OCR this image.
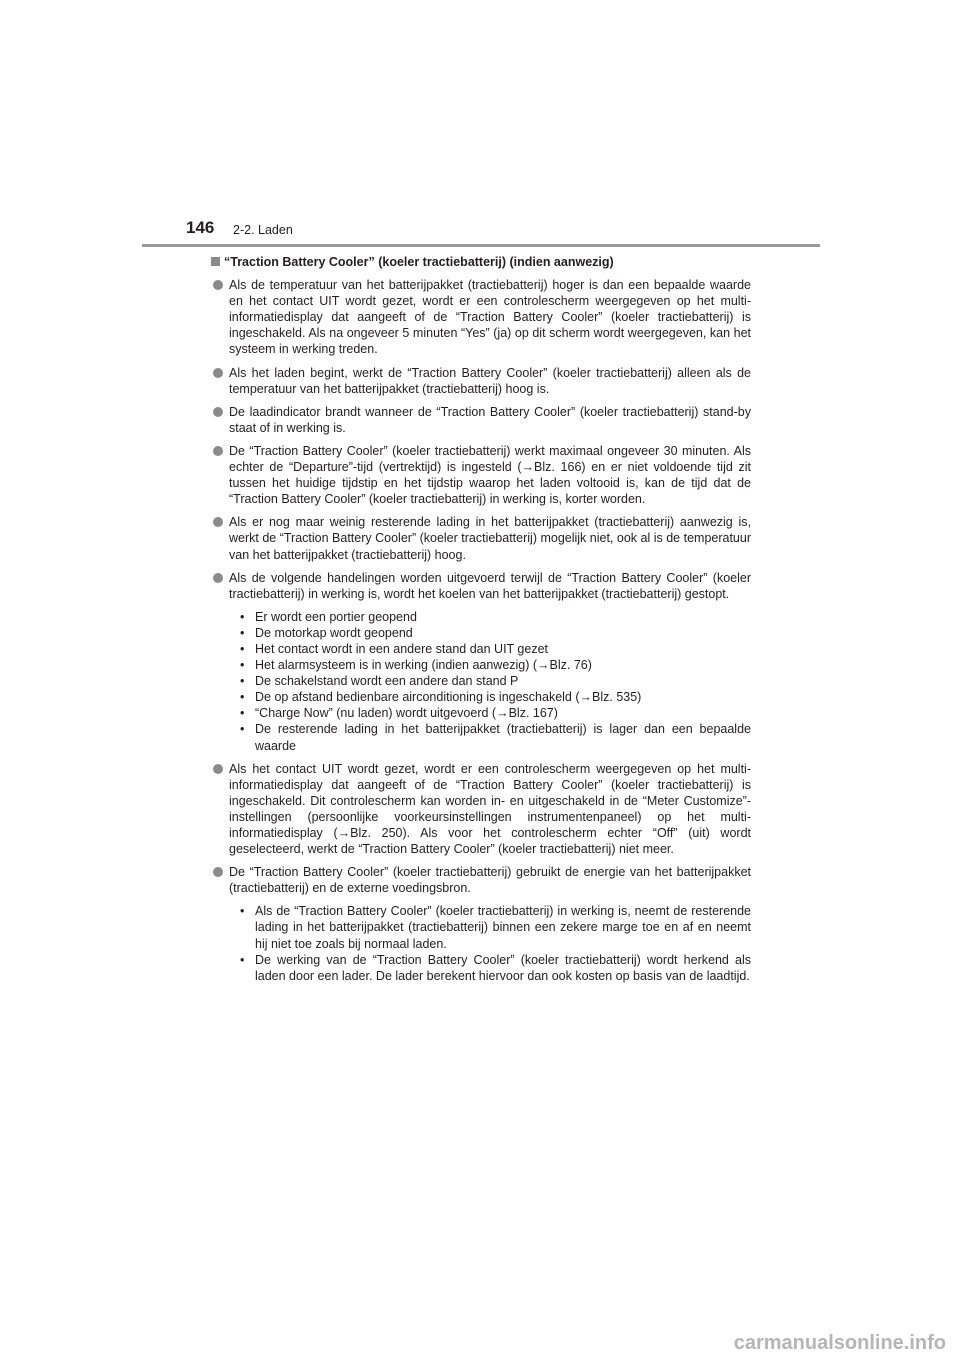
146 2-2. Laden
“Traction Battery Cooler” (koeler tractiebatterij) (indien aanwezig)
Als de temperatuur van het batterijpakket (tractiebatterij) hoger is dan een bepaalde waarde en het contact UIT wordt gezet, wordt er een controlescherm weergegeven op het multi-informatiedisplay dat aangeeft of de “Traction Battery Cooler” (koeler tractiebatterij) is ingeschakeld. Als na ongeveer 5 minuten “Yes” (ja) op dit scherm wordt weergegeven, kan het systeem in werking treden.
Als het laden begint, werkt de “Traction Battery Cooler” (koeler tractiebatterij) alleen als de temperatuur van het batterijpakket (tractiebatterij) hoog is.
De laadindicator brandt wanneer de “Traction Battery Cooler” (koeler tractiebatterij) stand-by staat of in werking is.
De “Traction Battery Cooler” (koeler tractiebatterij) werkt maximaal ongeveer 30 minuten. Als echter de “Departure”-tijd (vertrektijd) is ingesteld (→Blz. 166) en er niet voldoende tijd zit tussen het huidige tijdstip en het tijdstip waarop het laden voltooid is, kan de tijd dat de “Traction Battery Cooler” (koeler tractiebatterij) in werking is, korter worden.
Als er nog maar weinig resterende lading in het batterijpakket (tractiebatterij) aanwezig is, werkt de “Traction Battery Cooler” (koeler tractiebatterij) mogelijk niet, ook al is de temperatuur van het batterijpakket (tractiebatterij) hoog.
Als de volgende handelingen worden uitgevoerd terwijl de “Traction Battery Cooler” (koeler tractiebatterij) in werking is, wordt het koelen van het batterijpakket (tractiebatterij) gestopt.
• Er wordt een portier geopend
• De motorkap wordt geopend
• Het contact wordt in een andere stand dan UIT gezet
• Het alarmsysteem is in werking (indien aanwezig) (→Blz. 76)
• De schakelstand wordt een andere dan stand P
• De op afstand bedienbare airconditioning is ingeschakeld (→Blz. 535)
• “Charge Now” (nu laden) wordt uitgevoerd (→Blz. 167)
• De resterende lading in het batterijpakket (tractiebatterij) is lager dan een bepaalde waarde
Als het contact UIT wordt gezet, wordt er een controlescherm weergegeven op het multi-informatiedisplay dat aangeeft of de “Traction Battery Cooler” (koeler tractiebatterij) is ingeschakeld. Dit controlescherm kan worden in- en uitgeschakeld in de “Meter Customize”-instellingen (persoonlijke voorkeursinstellingen instrumentenpaneel) op het multi-informatiedisplay (→Blz. 250). Als voor het controlescherm echter “Off” (uit) wordt geselecteerd, werkt de “Traction Battery Cooler” (koeler tractiebatterij) niet meer.
De “Traction Battery Cooler” (koeler tractiebatterij) gebruikt de energie van het batterijpakket (tractiebatterij) en de externe voedingsbron.
• Als de “Traction Battery Cooler” (koeler tractiebatterij) in werking is, neemt de resterende lading in het batterijpakket (tractiebatterij) binnen een zekere marge toe en af en neemt hij niet toe zoals bij normaal laden.
• De werking van de “Traction Battery Cooler” (koeler tractiebatterij) wordt herkend als laden door een lader. De lader berekent hiervoor dan ook kosten op basis van de laadtijd.
carmanualsonline.info
